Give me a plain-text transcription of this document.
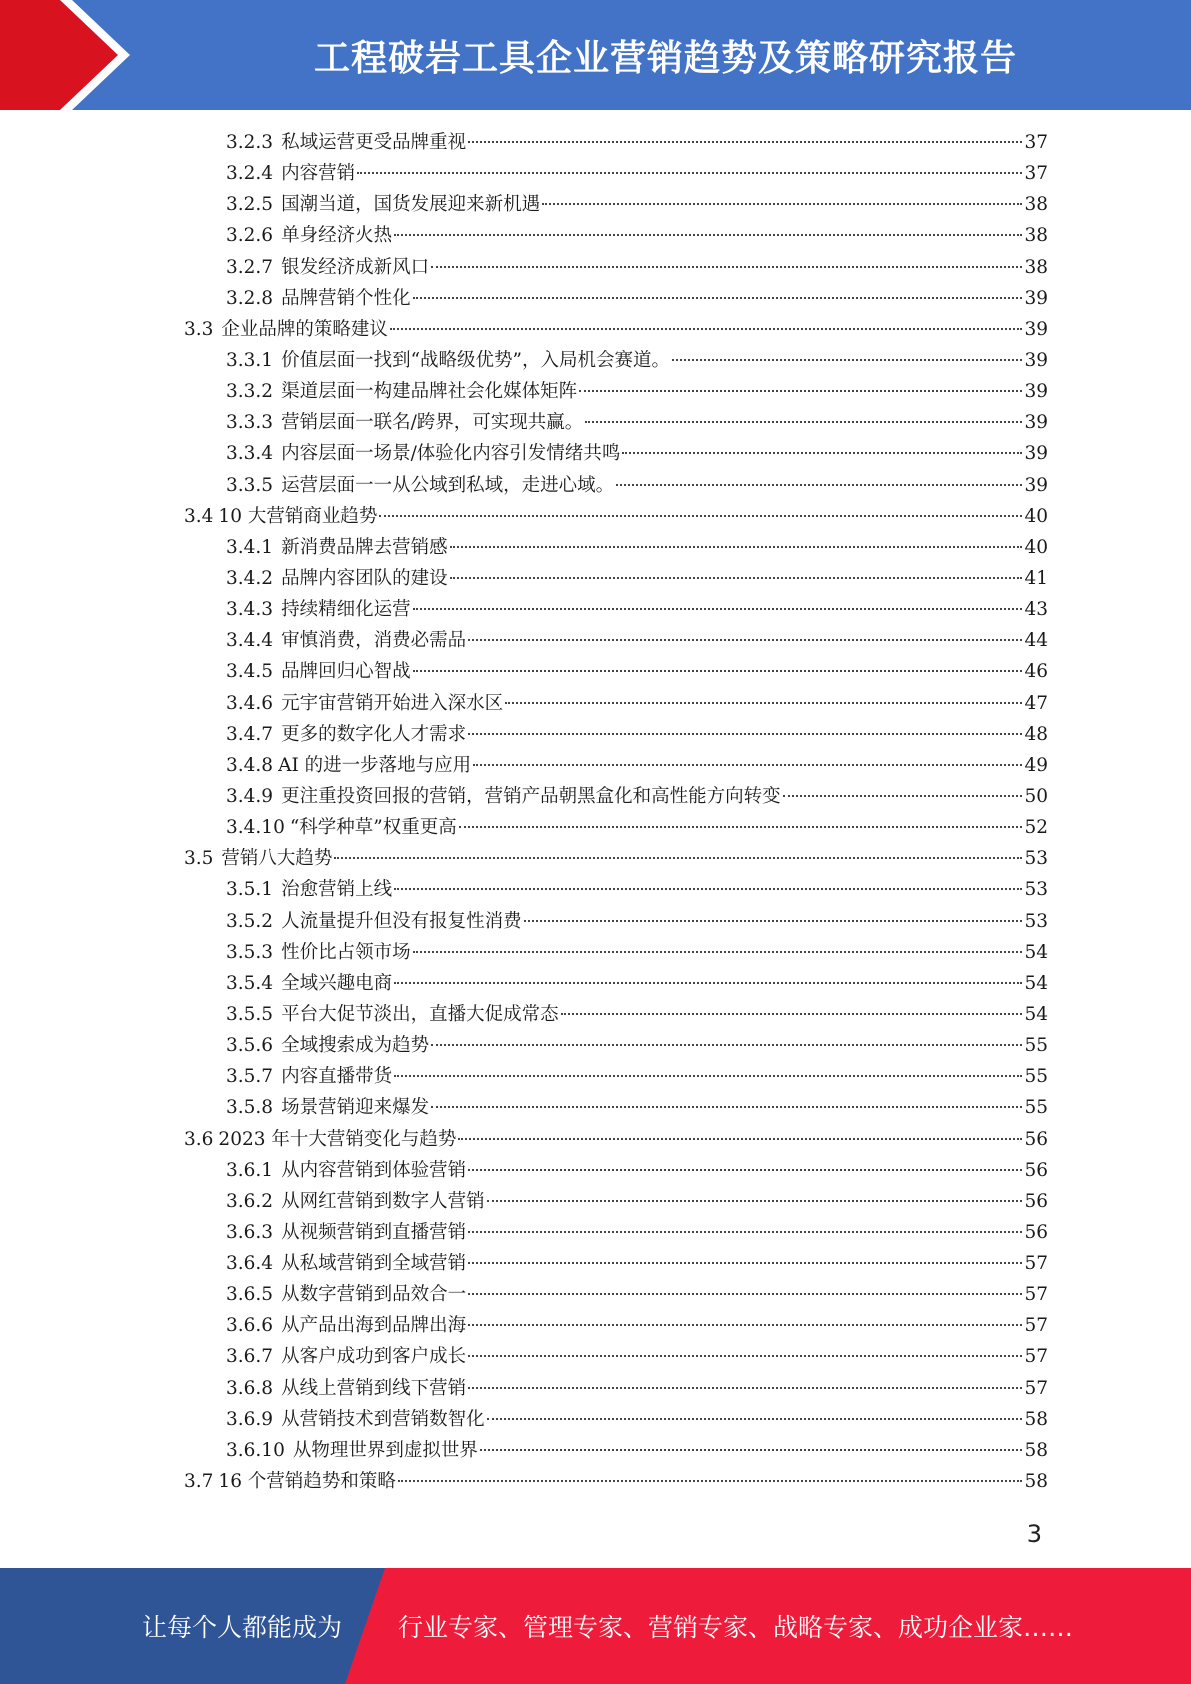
工程破岩工具企业营销趋势及策略研究报告
3.2.3 私域运营更受品牌重视	37
3.2.4 内容营销	37
3.2.5 国潮当道，国货发展迎来新机遇	38
3.2.6 单身经济火热	38
3.2.7 银发经济成新风口	38
3.2.8 品牌营销个性化	39
3.3 企业品牌的策略建议	39
3.3.1 价值层面一找到“战略级优势”，入局机会赛道。	39
3.3.2 渠道层面一构建品牌社会化媒体矩阵	39
3.3.3 营销层面一联名/跨界，可实现共赢。	39
3.3.4 内容层面一场景/体验化内容引发情绪共鸣	39
3.3.5 运营层面一一从公域到私域，走进心域。	39
3.4 10 大营销商业趋势	40
3.4.1 新消费品牌去营销感	40
3.4.2 品牌内容团队的建设	41
3.4.3 持续精细化运营	43
3.4.4 审慎消费，消费必需品	44
3.4.5 品牌回归心智战	46
3.4.6 元宇宙营销开始进入深水区	47
3.4.7 更多的数字化人才需求	48
3.4.8 AI 的进一步落地与应用	49
3.4.9 更注重投资回报的营销，营销产品朝黑盒化和高性能方向转变	50
3.4.10 “科学种草”权重更高	52
3.5 营销八大趋势	53
3.5.1 治愈营销上线	53
3.5.2 人流量提升但没有报复性消费	53
3.5.3 性价比占领市场	54
3.5.4 全域兴趣电商	54
3.5.5 平台大促节淡出，直播大促成常态	54
3.5.6 全域搜索成为趋势	55
3.5.7 内容直播带货	55
3.5.8 场景营销迎来爆发	55
3.6 2023 年十大营销变化与趋势	56
3.6.1 从内容营销到体验营销	56
3.6.2 从网红营销到数字人营销	56
3.6.3 从视频营销到直播营销	56
3.6.4 从私域营销到全域营销	57
3.6.5 从数字营销到品效合一	57
3.6.6 从产品出海到品牌出海	57
3.6.7 从客户成功到客户成长	57
3.6.8 从线上营销到线下营销	57
3.6.9 从营销技术到营销数智化	58
3.6.10 从物理世界到虚拟世界	58
3.7 16 个营销趋势和策略	58
3
让每个人都能成为 行业专家、管理专家、营销专家、战略专家、成功企业家……
